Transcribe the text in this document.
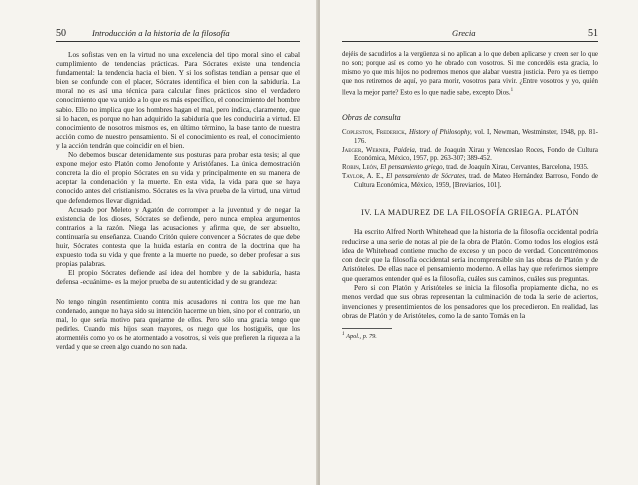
50	Introducción a la historia de la filosofía

Los sofistas ven en la virtud no una excelencia del tipo moral sino el cabal cumplimiento de tendencias prácticas. Para Sócrates existe una tendencia fundamental: la tendencia hacia el bien. Y si los sofistas tendían a pensar que el bien se confunde con el placer, Sócrates identifica el bien con la sabiduría. La moral no es así una técnica para calcular fines prácticos sino el verdadero conocimiento que va unido a lo que es más específico, el conocimiento del hombre sabio. Ello no implica que los hombres hagan el mal, pero indica, claramente, que si lo hacen, es porque no han adquirido la sabiduría que les conduciría a virtud. El conocimiento de nosotros mismos es, en último término, la base tanto de nuestra acción como de nuestro pensamiento. Si el conocimiento es real, el conocimiento y la acción tendrán que coincidir en el bien.

No debemos buscar detenidamente sus posturas para probar esta tesis; al que expone mejor esto Platón como Jenofonte y Aristófanes. La única demostración concreta la dio el propio Sócrates en su vida y principalmente en su manera de aceptar la condenación y la muerte. En esta vida, la vida para que se haya conocido antes del cristianismo. Sócrates es la viva prueba de la virtud, una virtud que defendemos llevar dignidad.

Acusado por Meleto y Agatón de corromper a la juventud y de negar la existencia de los dioses, Sócrates se defiende, pero nunca emplea argumentos contrarios a la razón. Niega las acusaciones y afirma que, de ser absuelto, continuaría su enseñanza. Cuando Critón quiere convencer a Sócrates de que debe huir, Sócrates contesta que la huida estaría en contra de la doctrina que ha expuesto toda su vida y que frente a la muerte no puede, so deber profesar a sus propias palabras.

El propio Sócrates defiende así idea del hombre y de la sabiduría, hasta defensa -ecuánime- es la mejor prueba de su autenticidad y de su grandeza:

No tengo ningún resentimiento contra mis acusadores ni contra los que me han condenado, aunque no haya sido su intención hacerme un bien, sino por el contrario, un mal, lo que sería motivo para quejarme de ellos. Pero sólo una gracia tengo que pedirles. Cuando mis hijos sean mayores, os ruego que los hostiguéis, que los atormentéis como yo os he atormentado a vosotros, si veis que prefieren la riqueza a la verdad y que se creen algo cuando no son nada.

Grecia	51

dejéis de sacudirlos a la vergüenza si no aplican a lo que deben aplicarse y creen ser lo que no son; porque así es como yo he obrado con vosotros. Si me concedéis esta gracia, lo mismo yo que mis hijos no podremos menos que alabar vuestra justicia. Pero ya es tiempo que nos retiremos de aquí, yo para morir, vosotros para vivir. ¿Entre vosotros y yo, quién lleva la mejor parte? Esto es lo que nadie sabe, excepto Dios.$^1$

Obras de consulta
Copleston, Frederick, History of Philosophy, vol. I, Newman, Westminster, 1948, pp. 81-176.
Jaeger, Werner, Paideia, trad. de Joaquín Xirau y Wenceslao Roces, Fondo de Cultura Económica, México, 1957, pp. 263-307; 389-452.
Robin, León, El pensamiento griego, trad. de Joaquín Xirau, Cervantes, Barcelona, 1935.
Taylor, A. E., El pensamiento de Sócrates, trad. de Mateo Hernández Barroso, Fondo de Cultura Económica, México, 1959, [Breviarios, 101].
IV. LA MADUREZ DE LA FILOSOFÍA GRIEGA. PLATÓN

Ha escrito Alfred North Whitehead que la historia de la filosofía occidental podría reducirse a una serie de notas al pie de la obra de Platón. Como todos los elogios está idea de Whitehead contiene mucho de exceso y un poco de verdad. Concentrémonos con decir que la filosofía occidental sería incomprensible sin las obras de Platón y de Aristóteles. De ellas nace el pensamiento moderno. A ellas hay que referirnos siempre que queramos entender qué es la filosofía, cuáles sus caminos, cuáles sus preguntas.

Pero si con Platón y Aristóteles se inicia la filosofía propiamente dicha, no es menos verdad que sus obras representan la culminación de toda la serie de aciertos, invenciones y presentimientos de los pensadores que los precedieron. En realidad, las obras de Platón y de Aristóteles, como la de santo Tomás en la

$^1$ Apol., p. 79.
